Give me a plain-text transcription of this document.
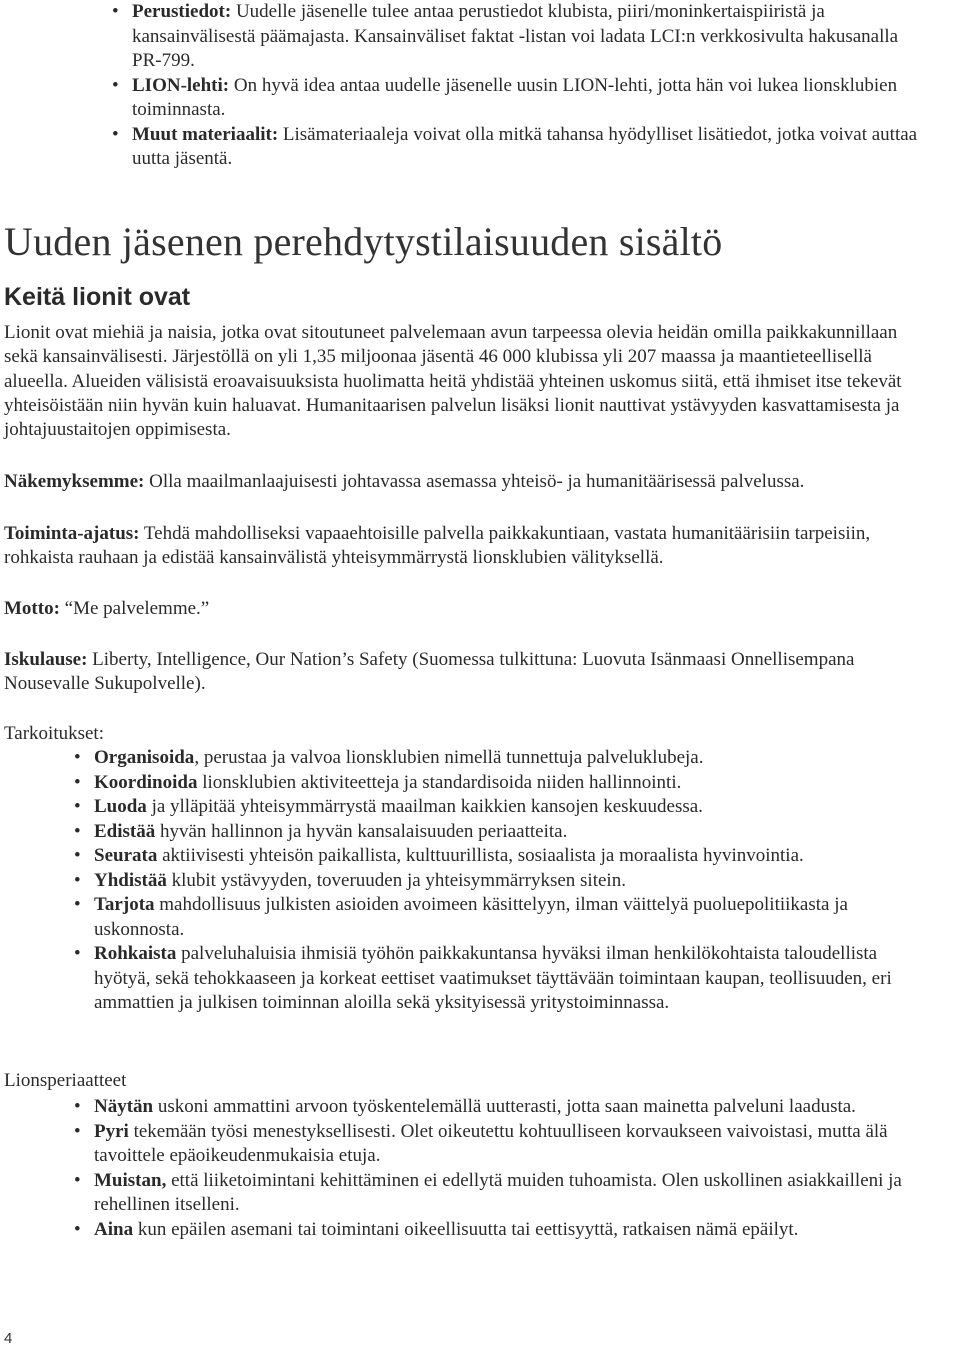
• Perustiedot: Uudelle jäsenelle tulee antaa perustiedot klubista, piiri/moninkertaispiiristä ja kansainvälisestä päämajasta. Kansainväliset faktat -listan voi ladata LCI:n verkkosivulta hakusanalla PR-799.
• LION-lehti: On hyvä idea antaa uudelle jäsenelle uusin LION-lehti, jotta hän voi lukea lionsklubien toiminnasta.
• Muut materiaalit: Lisämateriaaleja voivat olla mitkä tahansa hyödylliset lisätiedot, jotka voivat auttaa uutta jäsentä.
Uuden jäsenen perehdytystilaisuuden sisältö
Keitä lionit ovat

Lionit ovat miehiä ja naisia, jotka ovat sitoutuneet palvelemaan avun tarpeessa olevia heidän omilla paikkakunnillaan sekä kansainvälisesti. Järjestöllä on yli 1,35 miljoonaa jäsentä 46 000 klubissa yli 207 maassa ja maantieteellisellä alueella. Alueiden välisistä eroavaisuuksista huolimatta heitä yhdistää yhteinen uskomus siitä, että ihmiset itse tekevät yhteisöistään niin hyvän kuin haluavat. Humanitaarisen palvelun lisäksi lionit nauttivat ystävyyden kasvattamisesta ja johtajuustaitojen oppimisesta.

Näkemyksemme: Olla maailmanlaajuisesti johtavassa asemassa yhteisö- ja humanitäärisessä palvelussa.

Toiminta-ajatus: Tehdä mahdolliseksi vapaaehtoisille palvella paikkakuntiaan, vastata humanitäärisiin tarpeisiin, rohkaista rauhaan ja edistää kansainvälistä yhteisymmärrystä lionsklubien välityksellä.

Motto: “Me palvelemme.”

Iskulause: Liberty, Intelligence, Our Nation’s Safety (Suomessa tulkittuna: Luovuta Isänmaasi Onnellisempana Nousevalle Sukupolvelle).

Tarkoitukset:

• Organisoida, perustaa ja valvoa lionsklubien nimellä tunnettuja palveluklubeja.
• Koordinoida lionsklubien aktiviteetteja ja standardisoida niiden hallinnointi.
• Luoda ja ylläpitää yhteisymmärrystä maailman kaikkien kansojen keskuudessa.
• Edistää hyvän hallinnon ja hyvän kansalaisuuden periaatteita.
• Seurata aktiivisesti yhteisön paikallista, kulttuurillista, sosiaalista ja moraalista hyvinvointia.
• Yhdistää klubit ystävyyden, toveruuden ja yhteisymmärryksen sitein.
• Tarjota mahdollisuus julkisten asioiden avoimeen käsittelyyn, ilman väittelyä puoluepolitiikasta ja uskonnosta.
• Rohkaista palveluhaluisia ihmisiä työhön paikkakuntansa hyväksi ilman henkilökohtaista taloudellista hyötyä, sekä tehokkaaseen ja korkeat eettiset vaatimukset täyttävään toimintaan kaupan, teollisuuden, eri ammattien ja julkisen toiminnan aloilla sekä yksityisessä yritystoiminnassa.

Lionsperiaatteet

• Näytän uskoni ammattini arvoon työskentelemällä uutterasti, jotta saan mainetta palveluni laadusta.
• Pyri tekemään työsi menestyksellisesti. Olet oikeutettu kohtuulliseen korvaukseen vaivoistasi, mutta älä tavoittele epäoikeudenmukaisia etuja.
• Muistan, että liiketoimintani kehittäminen ei edellytä muiden tuhoamista. Olen uskollinen asiakkailleni ja rehellinen itselleni.
• Aina kun epäilen asemani tai toimintani oikeellisuutta tai eettisyyttä, ratkaisen nämä epäilyt.
4
